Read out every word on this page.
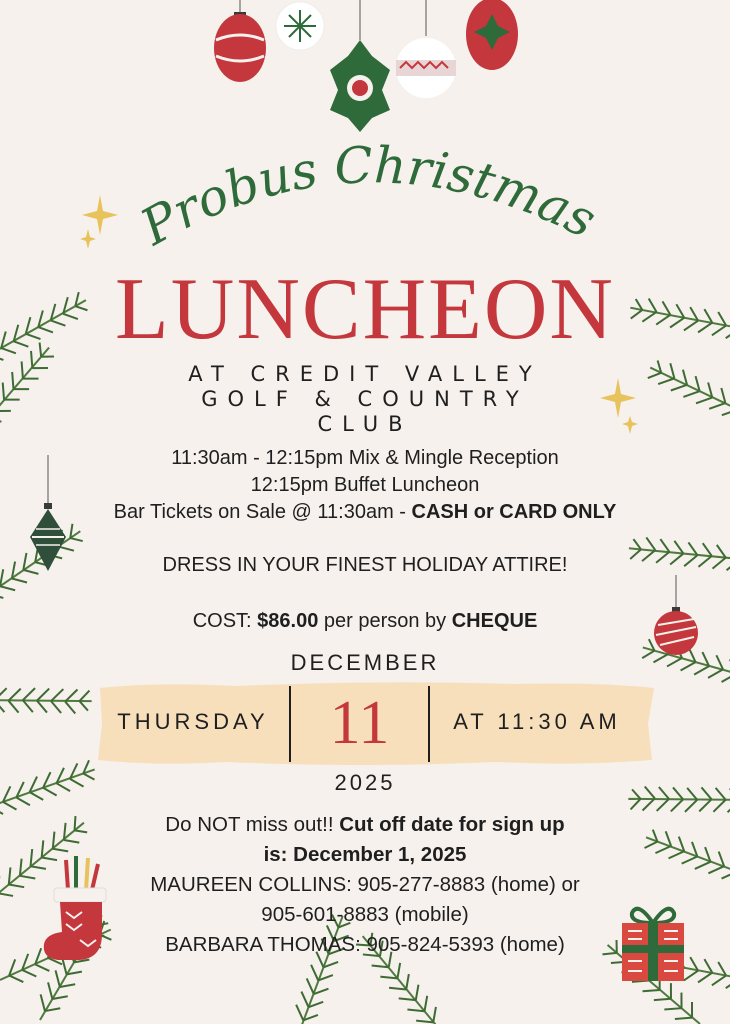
Probus Christmas
LUNCHEON
AT CREDIT VALLEY
GOLF & COUNTRY
CLUB
11:30am - 12:15pm Mix & Mingle Reception
12:15pm Buffet Luncheon
Bar Tickets on Sale @ 11:30am - CASH or CARD ONLY
DRESS IN YOUR FINEST HOLIDAY ATTIRE!
COST: $86.00 per person by CHEQUE
DECEMBER
THURSDAY 11	AT 11:30 AM
2025
Do NOT miss out!! Cut off date for sign up
is: December 1, 2025
MAUREEN COLLINS: 905-277-8883 (home) or
905-601-8883 (mobile)
BARBARA THOMAS: 905-824-5393 (home)
